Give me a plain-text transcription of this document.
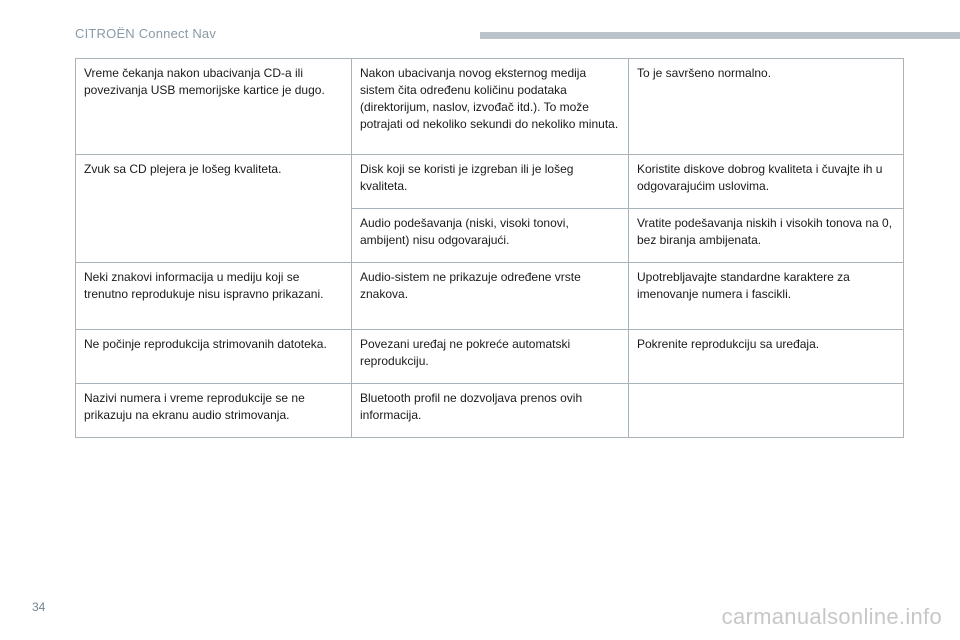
CITROËN Connect Nav
Vreme čekanja nakon ubacivanja CD-a ili povezivanja USB memorijske kartice je dugo.	Nakon ubacivanja novog eksternog medija sistem čita određenu količinu podataka (direktorijum, naslov, izvođač itd.). To može potrajati od nekoliko sekundi do nekoliko minuta.	To je savršeno normalno.
Zvuk sa CD plejera je lošeg kvaliteta.	Disk koji se koristi je izgreban ili je lošeg kvaliteta.	Koristite diskove dobrog kvaliteta i čuvajte ih u odgovarajućim uslovima.
	Audio podešavanja (niski, visoki tonovi, ambijent) nisu odgovarajući.	Vratite podešavanja niskih i visokih tonova na 0, bez biranja ambijenata.
Neki znakovi informacija u mediju koji se trenutno reprodukuje nisu ispravno prikazani.	Audio-sistem ne prikazuje određene vrste znakova.	Upotrebljavajte standardne karaktere za imenovanje numera i fascikli.
Ne počinje reprodukcija strimovanih datoteka.	Povezani uređaj ne pokreće automatski reprodukciju.	Pokrenite reprodukciju sa uređaja.
Nazivi numera i vreme reprodukcije se ne prikazuju na ekranu audio strimovanja.	Bluetooth profil ne dozvoljava prenos ovih informacija.	
34	carmanualsonline.info
